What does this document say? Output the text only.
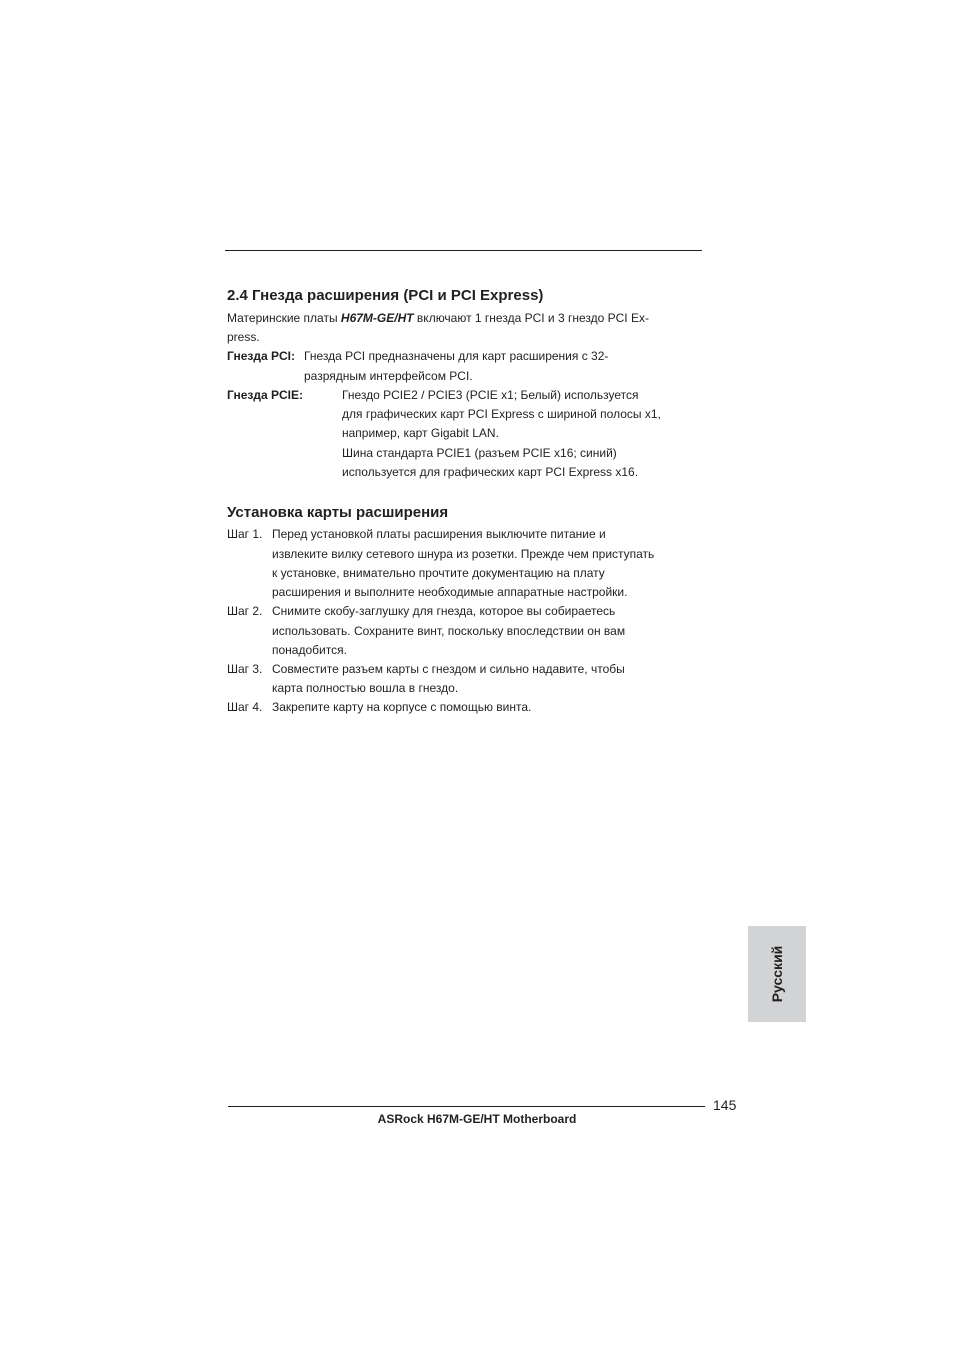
2.4 Гнезда расширения (PCI и PCI Express)

Материнские платы H67M-GE/HT включают 1 гнезда PCI и 3 гнездо PCI Ex-

press.

Гнезда PCI: Гнезда PCI предназначены для карт расширения с 32-

разрядным интерфейсом PCI.

Гнезда PCIE:	Гнездо PCIE2 / PCIE3 (PCIE x1; Белый) используется

для графических карт PCI Express с шириной полосы x1,

например, карт Gigabit LAN.

Шина стандарта PCIE1 (разъем PCIE x16; синий)

используется для графических карт PCI Express x16.

Установка карты расширения

Шаг 1. Перед установкой платы расширения выключите питание и

извлеките вилку сетевого шнура из розетки. Прежде чем приступать

к установке, внимательно прочтите документацию на плату

расширения и выполните необходимые аппаратные настройки.

Шаг 2. Снимите скобу-заглушку для гнезда, которое вы собираетесь

использовать. Сохраните винт, поскольку впоследствии он вам

понадобится.

Шаг 3. Совместите разъем карты с гнездом и сильно надавите, чтобы

карта полностью вошла в гнездо.

Шаг 4. Закрепите карту на корпусе с помощью винта.

Русский
145
ASRock H67M-GE/HT Motherboard
